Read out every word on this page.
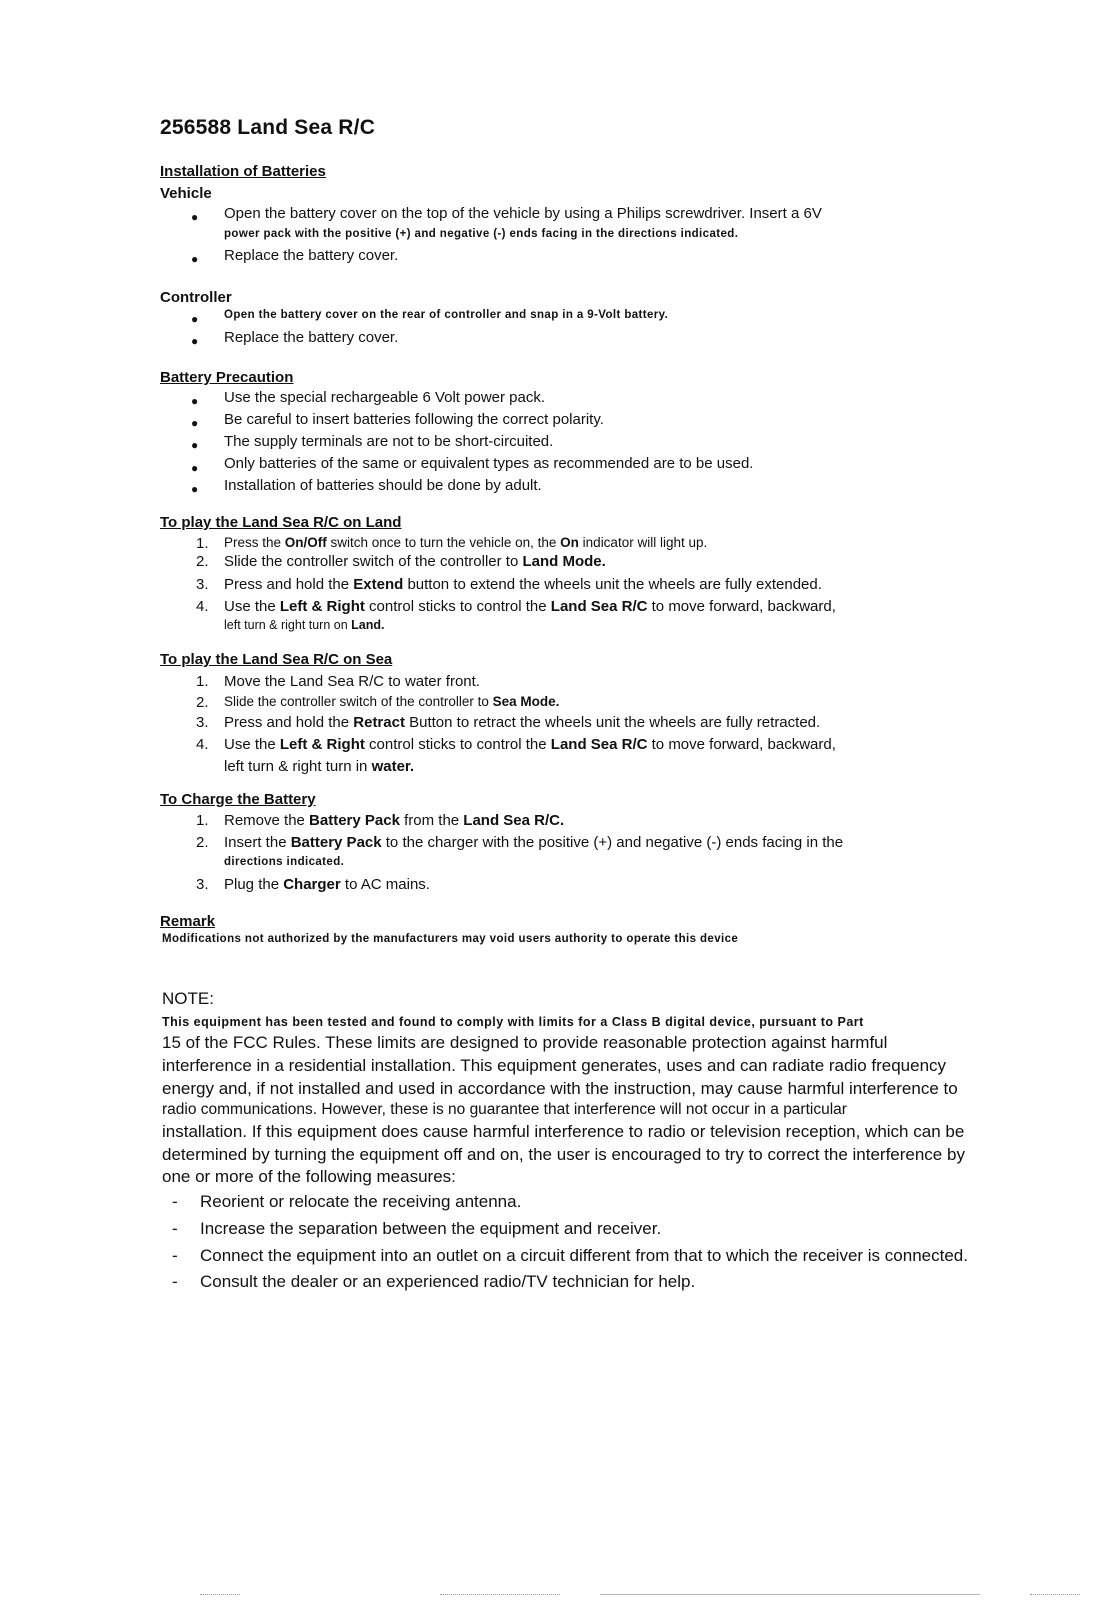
256588 Land Sea R/C
Installation of Batteries
Vehicle
● Open the battery cover on the top of the vehicle by using a Philips screwdriver. Insert a 6V
power pack with the positive (+) and negative (-) ends facing in the directions indicated.
● Replace the battery cover.
Controller
● Open the battery cover on the rear of controller and snap in a 9-Volt battery.
● Replace the battery cover.
Battery Precaution
● Use the special rechargeable 6 Volt power pack.
● Be careful to insert batteries following the correct polarity.
● The supply terminals are not to be short-circuited.
● Only batteries of the same or equivalent types as recommended are to be used.
● Installation of batteries should be done by adult.
To play the Land Sea R/C on Land
1. Press the On/Off switch once to turn the vehicle on, the On indicator will light up.
2. Slide the controller switch of the controller to Land Mode.
3. Press and hold the Extend button to extend the wheels unit the wheels are fully extended.
4. Use the Left & Right control sticks to control the Land Sea R/C to move forward, backward,
left turn & right turn on Land.
To play the Land Sea R/C on Sea
1. Move the Land Sea R/C to water front.
2. Slide the controller switch of the controller to Sea Mode.
3. Press and hold the Retract Button to retract the wheels unit the wheels are fully retracted.
4. Use the Left & Right control sticks to control the Land Sea R/C to move forward, backward,
left turn & right turn in water.
To Charge the Battery
1. Remove the Battery Pack from the Land Sea R/C.
2. Insert the Battery Pack to the charger with the positive (+) and negative (-) ends facing in the
directions indicated.
3. Plug the Charger to AC mains.
Remark
Modifications not authorized by the manufacturers may void users authority to operate this device
NOTE:
This equipment has been tested and found to comply with limits for a Class B digital device, pursuant to Part
15 of the FCC Rules. These limits are designed to provide reasonable protection against harmful
interference in a residential installation. This equipment generates, uses and can radiate radio frequency
energy and, if not installed and used in accordance with the instruction, may cause harmful interference to
radio communications. However, these is no guarantee that interference will not occur in a particular
installation. If this equipment does cause harmful interference to radio or television reception, which can be
determined by turning the equipment off and on, the user is encouraged to try to correct the interference by
one or more of the following measures:
- Reorient or relocate the receiving antenna.
- Increase the separation between the equipment and receiver.
- Connect the equipment into an outlet on a circuit different from that to which the receiver is connected.
- Consult the dealer or an experienced radio/TV technician for help.
